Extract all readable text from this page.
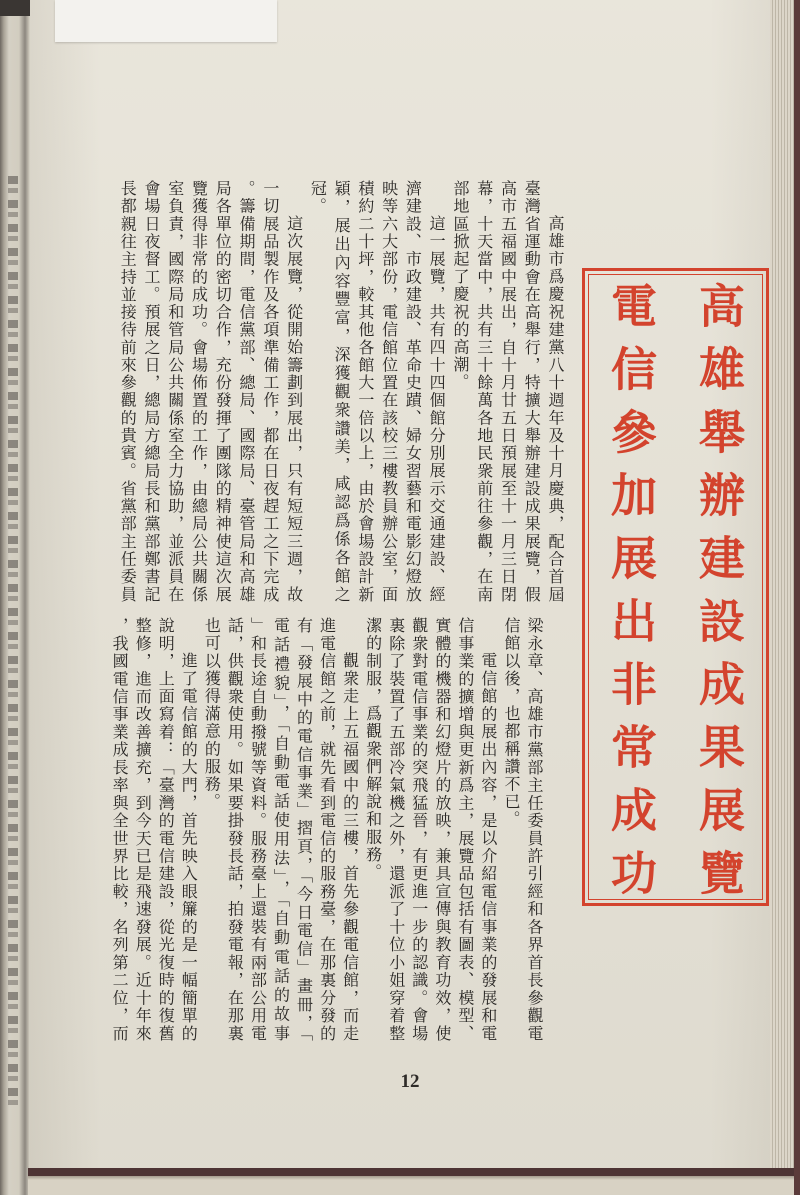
高雄舉辦建設成果展覽
電信參加展出非常成功
高雄市爲慶祝建黨八十週年及十月慶典，配合首屆
臺灣省運動會在高舉行，特擴大舉辦建設成果展覽，假
高市五福國中展出，自十月廿五日預展至十一月三日閉
幕，十天當中，共有三十餘萬各地民衆前往參觀，在南
部地區掀起了慶祝的高潮。
這一展覽，共有四十四個館分別展示交通建設、經
濟建設、市政建設、革命史蹟、婦女習藝和電影幻燈放
映等六大部份，電信館位置在該校三樓教員辦公室，面
積約二十坪，較其他各館大一倍以上，由於會場設計新
穎，展出內容豐富，深獲觀衆讚美，咸認爲係各館之
冠。
這次展覽，從開始籌劃到展出，只有短短三週，故
一切展品製作及各項準備工作，都在日夜趕工之下完成
。籌備期間，電信黨部、總局、國際局、臺管局和高雄
局各單位的密切合作，充份發揮了團隊的精神使這次展
覽獲得非常的成功。會場佈置的工作，由總局公共關係
室負責，國際局和管局公共關係室全力協助，並派員在
會場日夜督工。預展之日，總局方總局長和黨部鄭書記
長都親往主持並接待前來參觀的貴賓。省黨部主任委員
梁永章、高雄市黨部主任委員許引經和各界首長參觀電
信館以後，也都稱讚不已。
電信館的展出內容，是以介紹電信事業的發展和電
信事業的擴增與更新爲主，展覽品包括有圖表、模型、
實體的機器和幻燈片的放映，兼具宣傳與教育功效，使
觀衆對電信事業的突飛猛晉，有更進一步的認識。會場
裏除了裝置了五部冷氣機之外，還派了十位小姐穿着整
潔的制服，爲觀衆們解說和服務。
觀衆走上五福國中的三樓，首先參觀電信館，而走
進電信館之前，就先看到電信的服務臺，在那裏分發的
有「發展中的電信事業」摺頁，「今日電信」畫冊，「
電話禮貌」，「自動電話使用法」，「自動電話的故事
」和長途自動撥號等資料。服務臺上還裝有兩部公用電
話，供觀衆使用。如果要掛發長話，拍發電報，在那裏
也可以獲得滿意的服務。
進了電信館的大門，首先映入眼簾的是一幅簡單的
說明，上面寫着：「臺灣的電信建設，從光復時的復舊
整修，進而改善擴充，到今天已是飛速發展。近十年來
，我國電信事業成長率與全世界比較，名列第二位，而
12
